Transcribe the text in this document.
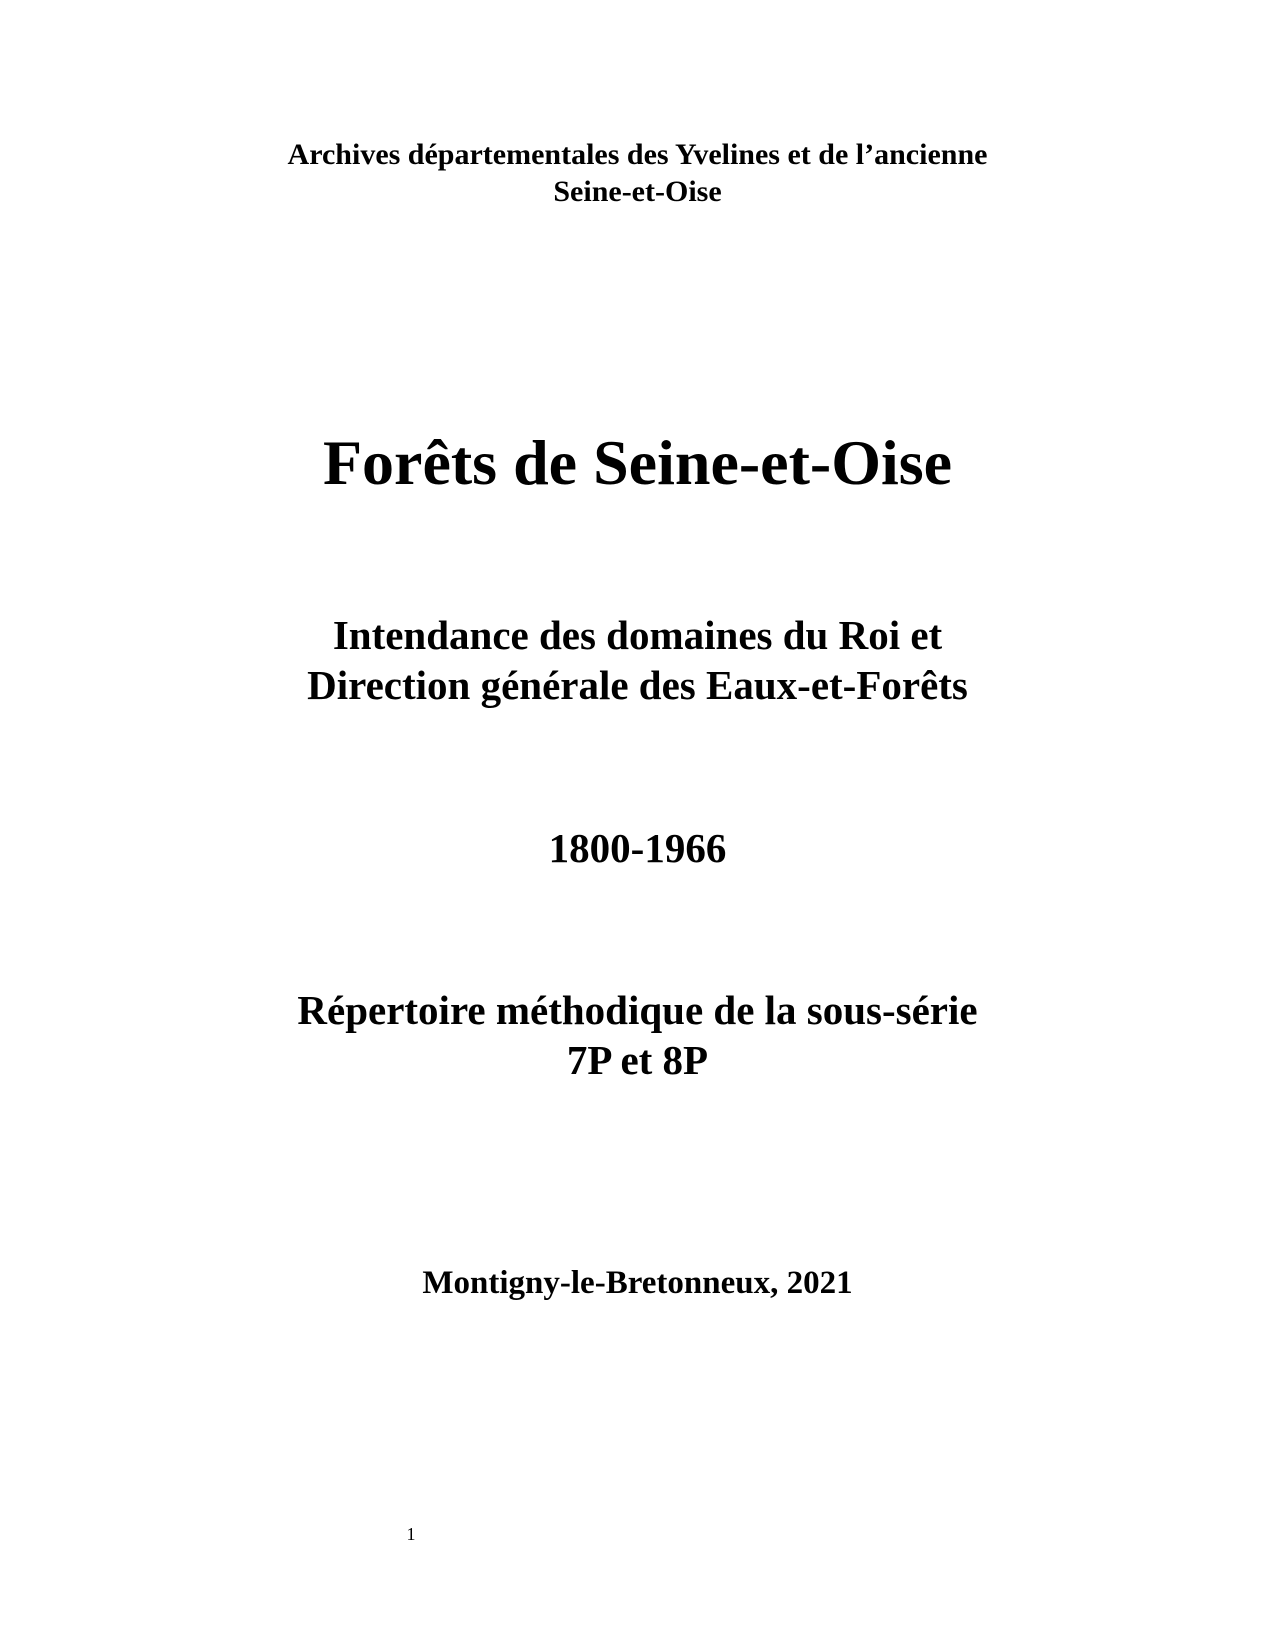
Archives départementales des Yvelines et de l’ancienne
Seine-et-Oise
Forêts de Seine-et-Oise
Intendance des domaines du Roi et
Direction générale des Eaux-et-Forêts
1800-1966
Répertoire méthodique de la sous-série
7P et 8P
Montigny-le-Bretonneux, 2021
1
